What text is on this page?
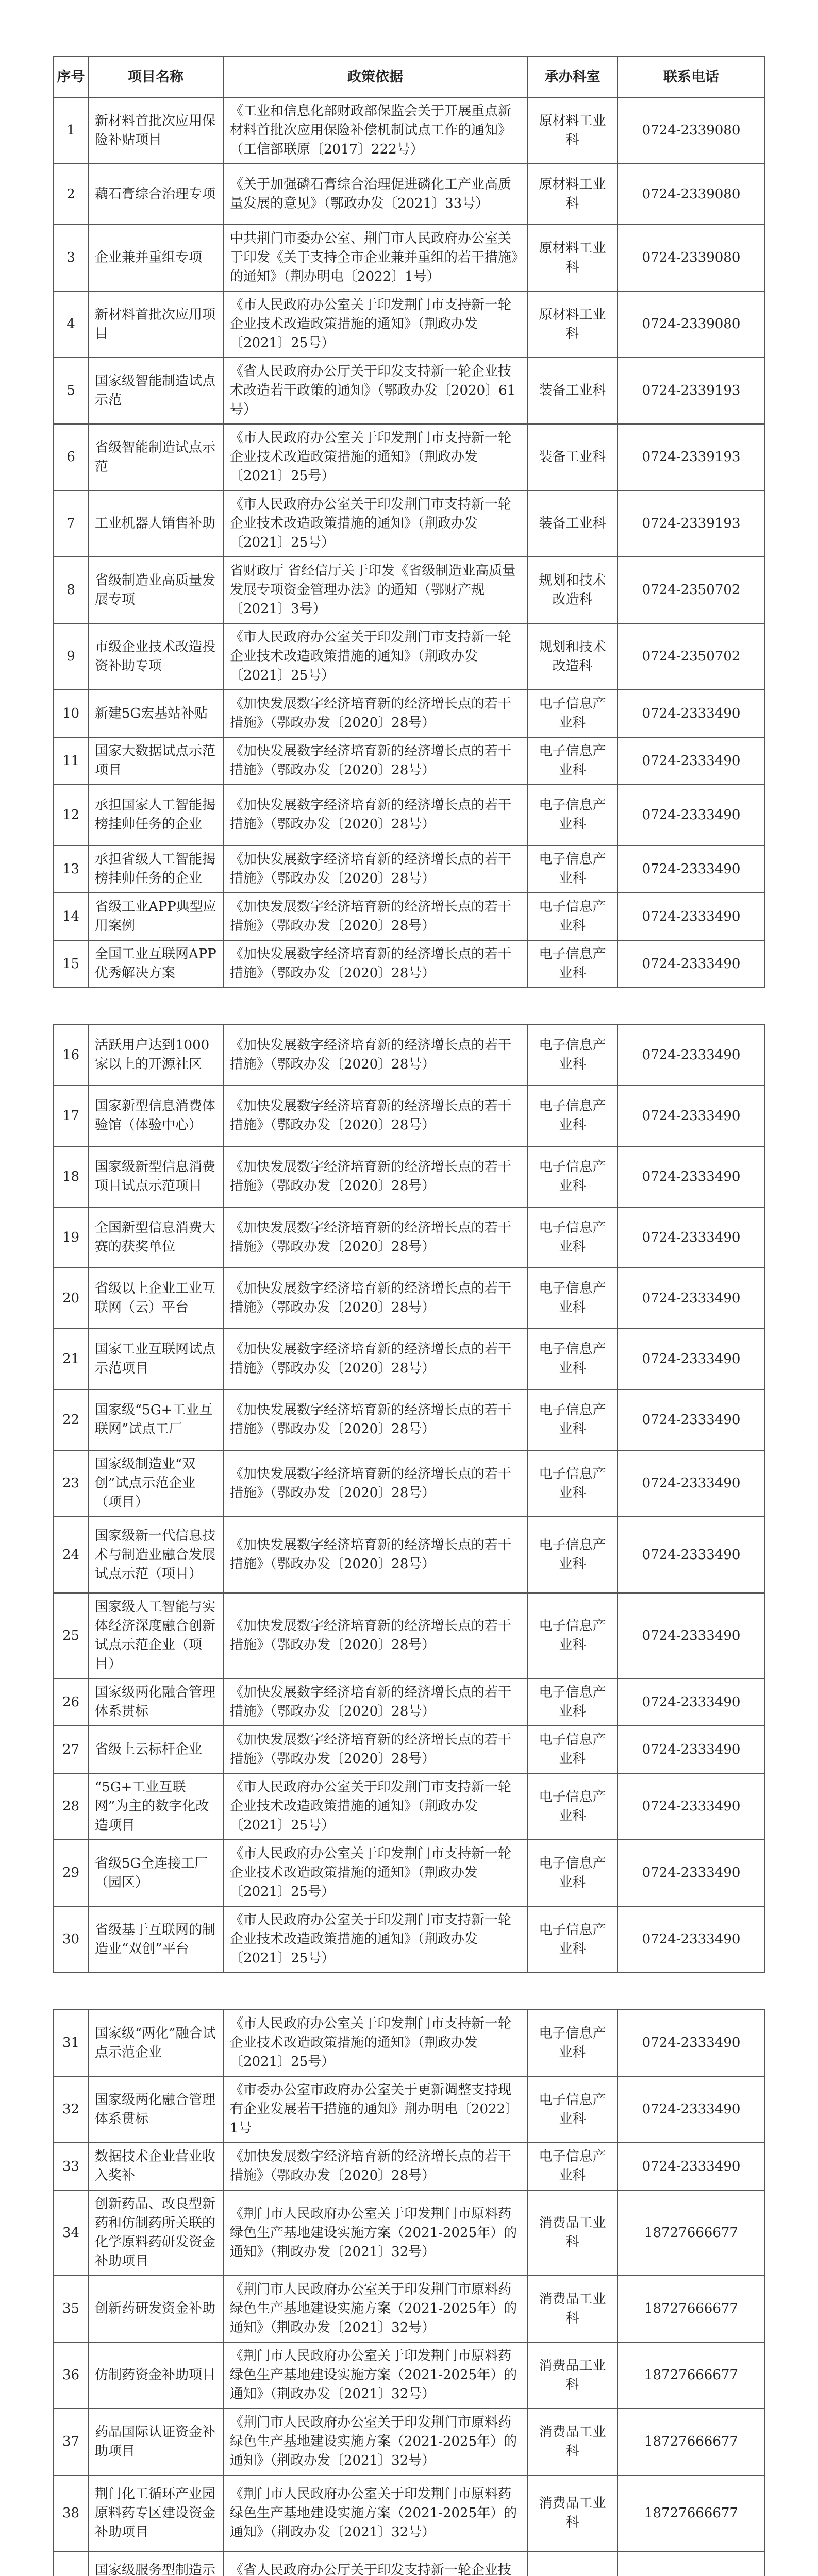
序号	项目名称	政策依据	承办科室	联系电话
1	新材料首批次应用保险补贴项目	《工业和信息化部财政部保监会关于开展重点新材料首批次应用保险补偿机制试点工作的通知》（工信部联原〔2017〕222号）	原材料工业科	0724-2339080
2	藕石膏综合治理专项	《关于加强磷石膏综合治理促进磷化工产业高质量发展的意见》（鄂政办发〔2021〕33号）	原材料工业科	0724-2339080
3	企业兼并重组专项	中共荆门市委办公室、荆门市人民政府办公室关于印发《关于支持全市企业兼并重组的若干措施》的通知》（荆办明电〔2022〕1号）	原材料工业科	0724-2339080
4	新材料首批次应用项目	《市人民政府办公室关于印发荆门市支持新一轮企业技术改造政策措施的通知》（荆政办发〔2021〕25号）	原材料工业科	0724-2339080
5	国家级智能制造试点示范	《省人民政府办公厅关于印发支持新一轮企业技术改造若干政策的通知》（鄂政办发〔2020〕61号）	装备工业科	0724-2339193
6	省级智能制造试点示范	《市人民政府办公室关于印发荆门市支持新一轮企业技术改造政策措施的通知》（荆政办发〔2021〕25号）	装备工业科	0724-2339193
7	工业机器人销售补助	《市人民政府办公室关于印发荆门市支持新一轮企业技术改造政策措施的通知》（荆政办发〔2021〕25号）	装备工业科	0724-2339193
8	省级制造业高质量发展专项	省财政厅 省经信厅关于印发《省级制造业高质量发展专项资金管理办法》的通知（鄂财产规〔2021〕3号）	规划和技术改造科	0724-2350702
9	市级企业技术改造投资补助专项	《市人民政府办公室关于印发荆门市支持新一轮企业技术改造政策措施的通知》（荆政办发〔2021〕25号）	规划和技术改造科	0724-2350702
10	新建5G宏基站补贴	《加快发展数字经济培育新的经济增长点的若干措施》（鄂政办发〔2020〕28号）	电子信息产业科	0724-2333490
11	国家大数据试点示范项目	《加快发展数字经济培育新的经济增长点的若干措施》（鄂政办发〔2020〕28号）	电子信息产业科	0724-2333490
12	承担国家人工智能揭榜挂帅任务的企业	《加快发展数字经济培育新的经济增长点的若干措施》（鄂政办发〔2020〕28号）	电子信息产业科	0724-2333490
13	承担省级人工智能揭榜挂帅任务的企业	《加快发展数字经济培育新的经济增长点的若干措施》（鄂政办发〔2020〕28号）	电子信息产业科	0724-2333490
14	省级工业APP典型应用案例	《加快发展数字经济培育新的经济增长点的若干措施》（鄂政办发〔2020〕28号）	电子信息产业科	0724-2333490
15	全国工业互联网APP优秀解决方案	《加快发展数字经济培育新的经济增长点的若干措施》（鄂政办发〔2020〕28号）	电子信息产业科	0724-2333490

16	活跃用户达到1000家以上的开源社区	《加快发展数字经济培育新的经济增长点的若干措施》（鄂政办发〔2020〕28号）	电子信息产业科	0724-2333490
17	国家新型信息消费体验馆（体验中心）	《加快发展数字经济培育新的经济增长点的若干措施》（鄂政办发〔2020〕28号）	电子信息产业科	0724-2333490
18	国家级新型信息消费项目试点示范项目	《加快发展数字经济培育新的经济增长点的若干措施》（鄂政办发〔2020〕28号）	电子信息产业科	0724-2333490
19	全国新型信息消费大赛的获奖单位	《加快发展数字经济培育新的经济增长点的若干措施》（鄂政办发〔2020〕28号）	电子信息产业科	0724-2333490
20	省级以上企业工业互联网（云）平台	《加快发展数字经济培育新的经济增长点的若干措施》（鄂政办发〔2020〕28号）	电子信息产业科	0724-2333490
21	国家工业互联网试点示范项目	《加快发展数字经济培育新的经济增长点的若干措施》（鄂政办发〔2020〕28号）	电子信息产业科	0724-2333490
22	国家级“5G+工业互联网”试点工厂	《加快发展数字经济培育新的经济增长点的若干措施》（鄂政办发〔2020〕28号）	电子信息产业科	0724-2333490
23	国家级制造业“双创”试点示范企业（项目）	《加快发展数字经济培育新的经济增长点的若干措施》（鄂政办发〔2020〕28号）	电子信息产业科	0724-2333490
24	国家级新一代信息技术与制造业融合发展试点示范（项目）	《加快发展数字经济培育新的经济增长点的若干措施》（鄂政办发〔2020〕28号）	电子信息产业科	0724-2333490
25	国家级人工智能与实体经济深度融合创新试点示范企业（项目）	《加快发展数字经济培育新的经济增长点的若干措施》（鄂政办发〔2020〕28号）	电子信息产业科	0724-2333490
26	国家级两化融合管理体系贯标	《加快发展数字经济培育新的经济增长点的若干措施》（鄂政办发〔2020〕28号）	电子信息产业科	0724-2333490
27	省级上云标杆企业	《加快发展数字经济培育新的经济增长点的若干措施》（鄂政办发〔2020〕28号）	电子信息产业科	0724-2333490
28	“5G+工业互联网”为主的数字化改造项目	《市人民政府办公室关于印发荆门市支持新一轮企业技术改造政策措施的通知》（荆政办发〔2021〕25号）	电子信息产业科	0724-2333490
29	省级5G全连接工厂（园区）	《市人民政府办公室关于印发荆门市支持新一轮企业技术改造政策措施的通知》（荆政办发〔2021〕25号）	电子信息产业科	0724-2333490
30	省级基于互联网的制造业“双创”平台	《市人民政府办公室关于印发荆门市支持新一轮企业技术改造政策措施的通知》（荆政办发〔2021〕25号）	电子信息产业科	0724-2333490

31	国家级“两化”融合试点示范企业	《市人民政府办公室关于印发荆门市支持新一轮企业技术改造政策措施的通知》（荆政办发〔2021〕25号）	电子信息产业科	0724-2333490
32	国家级两化融合管理体系贯标	《市委办公室市政府办公室关于更新调整支持现有企业发展若干措施的通知》荆办明电〔2022〕1号	电子信息产业科	0724-2333490
33	数据技术企业营业收入奖补	《加快发展数字经济培育新的经济增长点的若干措施》（鄂政办发〔2020〕28号）	电子信息产业科	0724-2333490
34	创新药品、改良型新药和仿制药所关联的化学原料药研发资金补助项目	《荆门市人民政府办公室关于印发荆门市原料药绿色生产基地建设实施方案（2021-2025年）的通知》（荆政办发〔2021〕32号）	消费品工业科	18727666677
35	创新药研发资金补助	《荆门市人民政府办公室关于印发荆门市原料药绿色生产基地建设实施方案（2021-2025年）的通知》（荆政办发〔2021〕32号）	消费品工业科	18727666677
36	仿制药资金补助项目	《荆门市人民政府办公室关于印发荆门市原料药绿色生产基地建设实施方案（2021-2025年）的通知》（荆政办发〔2021〕32号）	消费品工业科	18727666677
37	药品国际认证资金补助项目	《荆门市人民政府办公室关于印发荆门市原料药绿色生产基地建设实施方案（2021-2025年）的通知》（荆政办发〔2021〕32号）	消费品工业科	18727666677
38	荆门化工循环产业园原料药专区建设资金补助项目	《荆门市人民政府办公室关于印发荆门市原料药绿色生产基地建设实施方案（2021-2025年）的通知》（荆政办发〔2021〕32号）	消费品工业科	18727666677
	国家级服务型制造示	《省人民政府办公厅关于印发支持新一轮企业技		
